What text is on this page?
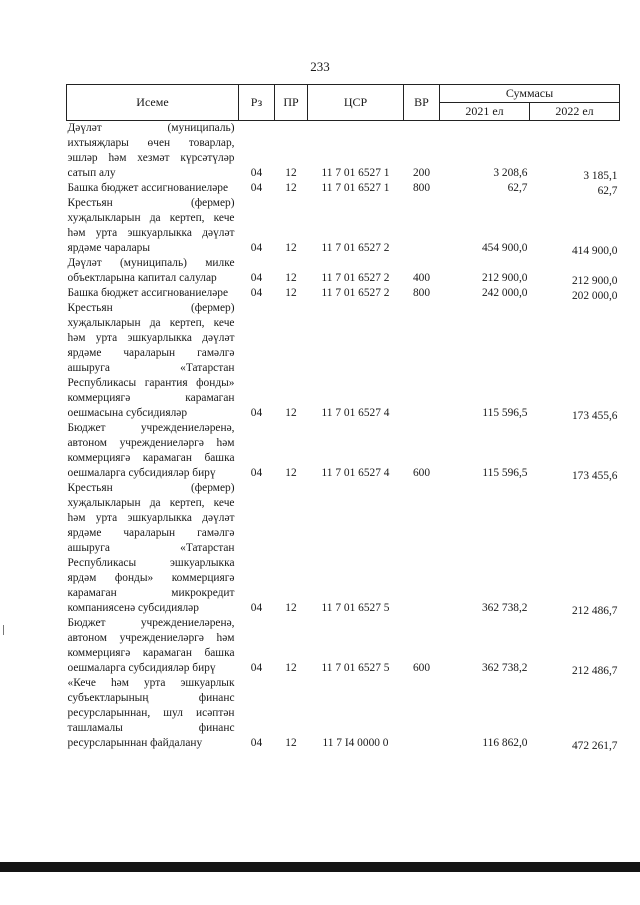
233
Исеме	Рз	ПР	ЦСР	ВР	Суммасы	
					2021 ел	2022 ел
Дәүләт (муниципаль) ихтыяҗлары өчен товарлар, эшләр һәм хезмәт күрсәтүләр сатып алу	04	12	11 7 01 6527 1	200	3 208,6	3 185,1
Башка бюджет ассигнованиеләре	04	12	11 7 01 6527 1	800	62,7	62,7
Крестьян (фермер) хуҗалыкларын да кертеп, кече һәм урта эшкуарлыкка дәүләт ярдәме чаралары	04	12	11 7 01 6527 2		454 900,0	414 900,0
Дәүләт (муниципаль) милке объектларына капитал салулар	04	12	11 7 01 6527 2	400	212 900,0	212 900,0
Башка бюджет ассигнованиеләре	04	12	11 7 01 6527 2	800	242 000,0	202 000,0
Крестьян (фермер) хуҗалыкларын да кертеп, кече һәм урта эшкуарлыкка дәүләт ярдәме чараларын гамәлгә ашыруга «Татарстан Республикасы гарантия фонды» коммерциягә карамаган оешмасына субсидияләр	04	12	11 7 01 6527 4		115 596,5	173 455,6
Бюджет учреждениеләренә, автоном учреждениеләргә һәм коммерциягә карамаган башка оешмаларга субсидияләр бирү	04	12	11 7 01 6527 4	600	115 596,5	173 455,6
Крестьян (фермер) хуҗалыкларын да кертеп, кече һәм урта эшкуарлыкка дәүләт ярдәме чараларын гамәлгә ашыруга «Татарстан Республикасы эшкуарлыкка ярдәм фонды» коммерциягә карамаган микрокредит компаниясенә субсидияләр	04	12	11 7 01 6527 5		362 738,2	212 486,7
Бюджет учреждениеләренә, автоном учреждениеләргә һәм коммерциягә карамаган башка оешмаларга субсидияләр бирү	04	12	11 7 01 6527 5	600	362 738,2	212 486,7
«Кече һәм урта эшкуарлык субъектларының финанс ресурсларыннан, шул исәптән ташламалы финанс ресурсларыннан файдалану	04	12	11 7 I4 0000 0		116 862,0	472 261,7
